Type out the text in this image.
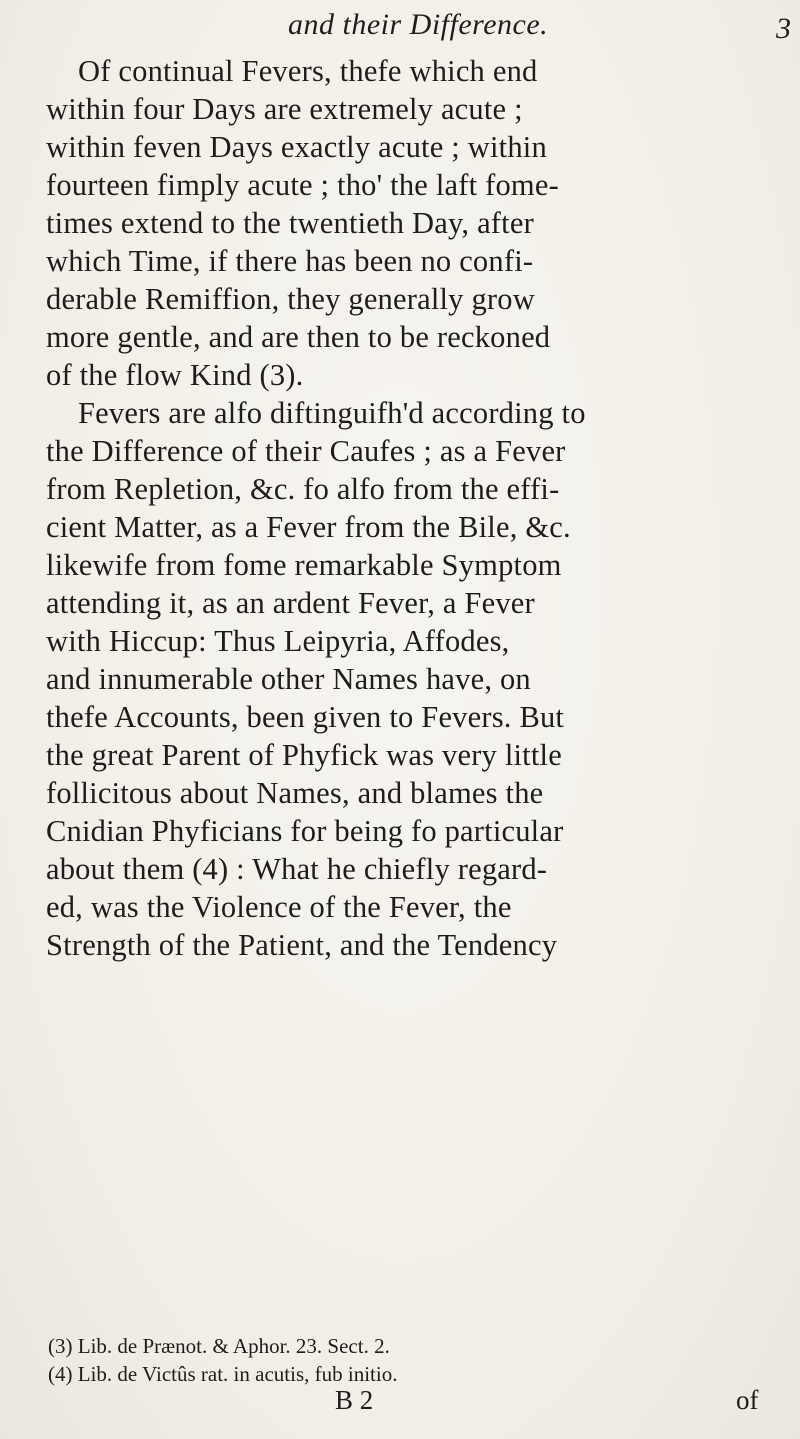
and their Difference.	3
Of continual Fevers, thefe which end
within four Days are extremely acute ;
within feven Days exactly acute ; within
fourteen fimply acute ; tho' the laft fome-
times extend to the twentieth Day, after
which Time, if there has been no confi-
derable Remiffion, they generally grow
more gentle, and are then to be reckoned
of the flow Kind (3).
Fevers are alfo diftinguifh'd according to
the Difference of their Caufes ; as a Fever
from Repletion, &c. fo alfo from the effi-
cient Matter, as a Fever from the Bile, &c.
likewife from fome remarkable Symptom
attending it, as an ardent Fever, a Fever
with Hiccup: Thus Leipyria, Affodes,
and innumerable other Names have, on
thefe Accounts, been given to Fevers. But
the great Parent of Phyfick was very little
follicitous about Names, and blames the
Cnidian Phyficians for being fo particular
about them (4) : What he chiefly regard-
ed, was the Violence of the Fever, the
Strength of the Patient, and the Tendency
(3) Lib. de Prænot. & Aphor. 23. Sect. 2.
(4) Lib. de Victûs rat. in acutis, fub initio.
B 2	of
